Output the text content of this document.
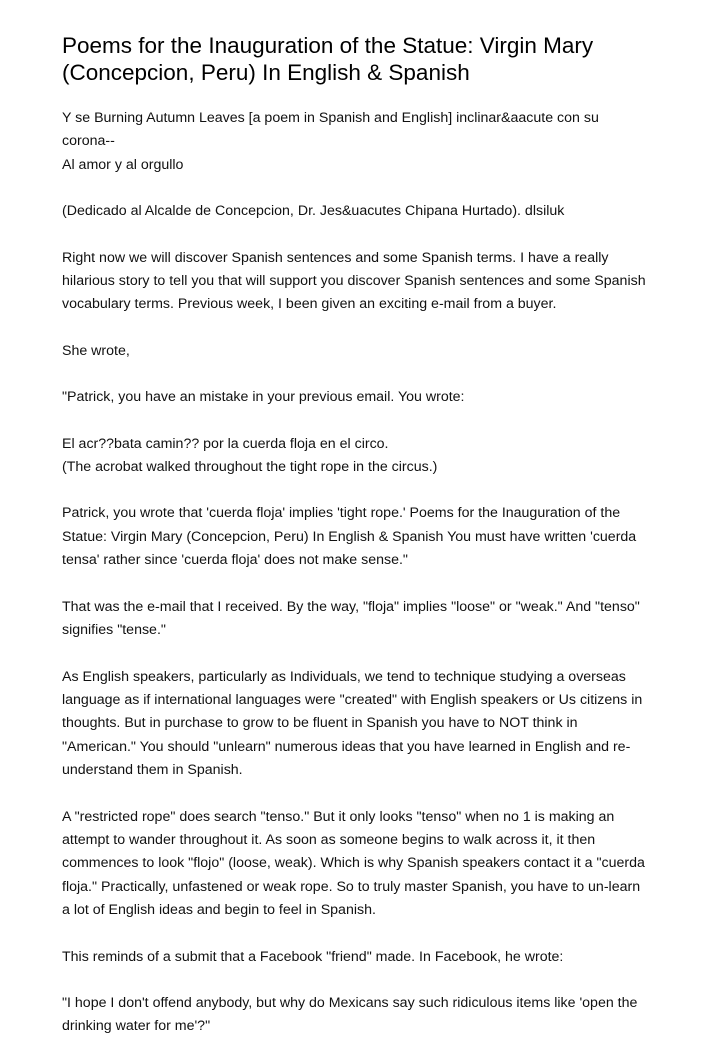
Poems for the Inauguration of the Statue: Virgin Mary
(Concepcion, Peru) In English & Spanish

Y se Burning Autumn Leaves [a poem in Spanish and English] inclinar&aacute con su
corona--
Al amor y al orgullo

(Dedicado al Alcalde de Concepcion, Dr. Jes&uacutes Chipana Hurtado). dlsiluk

Right now we will discover Spanish sentences and some Spanish terms. I have a really
hilarious story to tell you that will support you discover Spanish sentences and some Spanish
vocabulary terms. Previous week, I been given an exciting e-mail from a buyer.

She wrote,

"Patrick, you have an mistake in your previous email. You wrote:

El acr??bata camin?? por la cuerda floja en el circo.
(The acrobat walked throughout the tight rope in the circus.)

Patrick, you wrote that 'cuerda floja' implies 'tight rope.' Poems for the Inauguration of the
Statue: Virgin Mary (Concepcion, Peru) In English & Spanish You must have written 'cuerda
tensa' rather since 'cuerda floja' does not make sense."

That was the e-mail that I received. By the way, "floja" implies "loose" or "weak." And "tenso"
signifies "tense."

As English speakers, particularly as Individuals, we tend to technique studying a overseas
language as if international languages were "created" with English speakers or Us citizens in
thoughts. But in purchase to grow to be fluent in Spanish you have to NOT think in
"American." You should "unlearn" numerous ideas that you have learned in English and re-
understand them in Spanish.

A "restricted rope" does search "tenso." But it only looks "tenso" when no 1 is making an
attempt to wander throughout it. As soon as someone begins to walk across it, it then
commences to look "flojo" (loose, weak). Which is why Spanish speakers contact it a "cuerda
floja." Practically, unfastened or weak rope. So to truly master Spanish, you have to un-learn
a lot of English ideas and begin to feel in Spanish.

This reminds of a submit that a Facebook "friend" made. In Facebook, he wrote:

"I hope I don't offend anybody, but why do Mexicans say such ridiculous items like 'open the
drinking water for me'?"
